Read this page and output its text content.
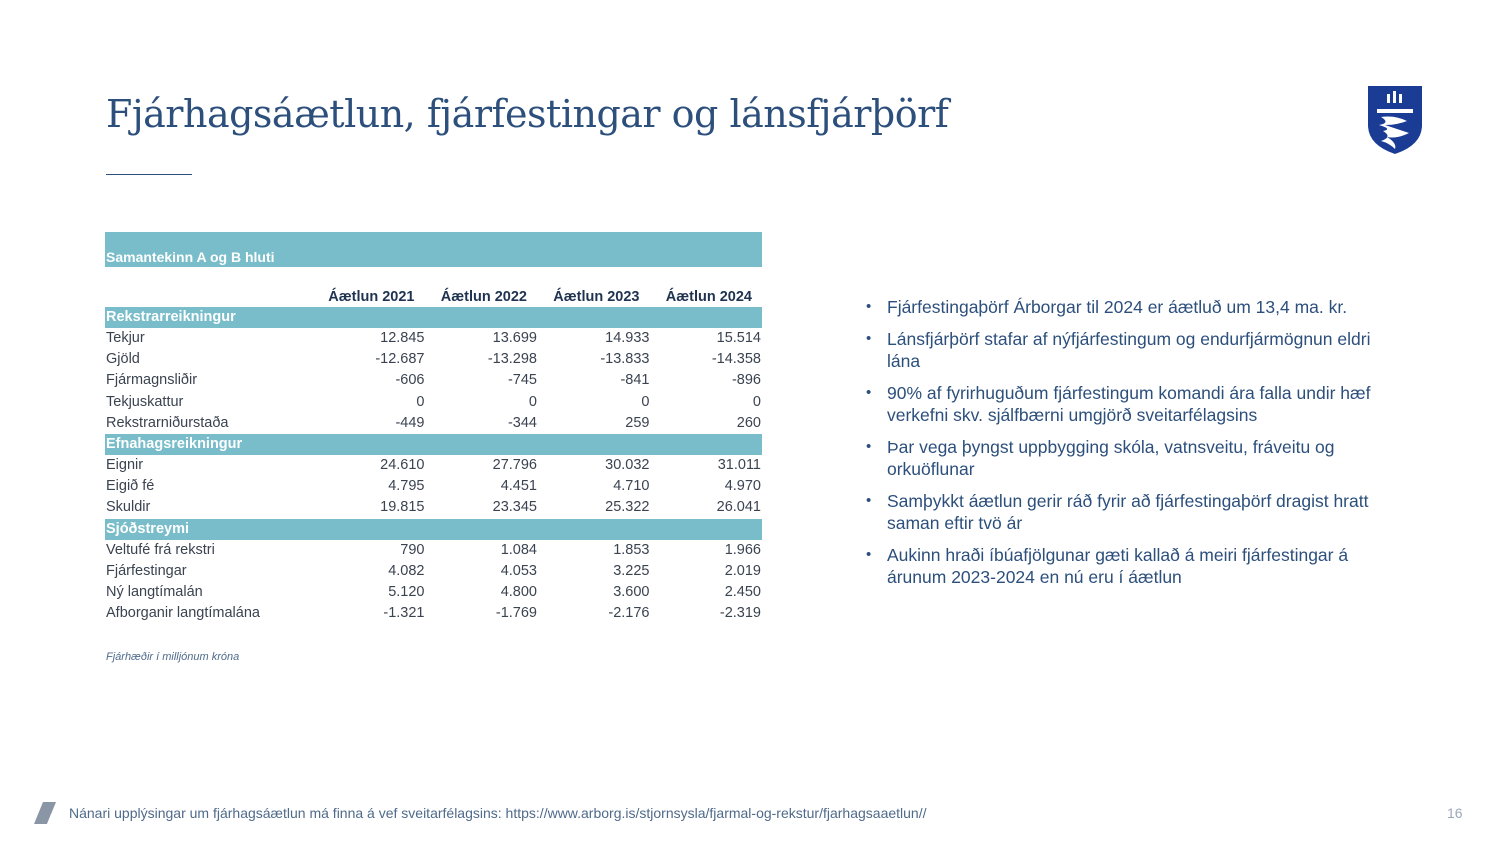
Fjárhagsáætlun, fjárfestingar og lánsfjárþörf
Samantekinn A og B hluti
Áætlun 2021	Áætlun 2022	Áætlun 2023	Áætlun 2024
Rekstrarreikningur
Tekjur	12.845	13.699	14.933	15.514
Gjöld	-12.687	-13.298	-13.833	-14.358
Fjármagnsliðir	-606	-745	-841	-896
Tekjuskattur	0	0	0	0
Rekstrarniðurstaða	-449	-344	259	260
Efnahagsreikningur
Eignir	24.610	27.796	30.032	31.011
Eigið fé	4.795	4.451	4.710	4.970
Skuldir	19.815	23.345	25.322	26.041
Sjóðstreymi
Veltufé frá rekstri	790	1.084	1.853	1.966
Fjárfestingar	4.082	4.053	3.225	2.019
Ný langtímalán	5.120	4.800	3.600	2.450
Afborganir langtímalána	-1.321	-1.769	-2.176	-2.319
Fjárhæðir í milljónum króna
• Fjárfestingaþörf Árborgar til 2024 er áætluð um 13,4 ma. kr.
• Lánsfjárþörf stafar af nýfjárfestingum og endurfjármögnun eldri lána
• 90% af fyrirhuguðum fjárfestingum komandi ára falla undir hæf verkefni skv. sjálfbærni umgjörð sveitarfélagsins
• Þar vega þyngst uppbygging skóla, vatnsveitu, fráveitu og orkuöflunar
• Samþykkt áætlun gerir ráð fyrir að fjárfestingaþörf dragist hratt saman eftir tvö ár
• Aukinn hraði íbúafjölgunar gæti kallað á meiri fjárfestingar á árunum 2023-2024 en nú eru í áætlun
Nánari upplýsingar um fjárhagsáætlun má finna á vef sveitarfélagsins: https://www.arborg.is/stjornsysla/fjarmal-og-rekstur/fjarhagsaaetlun//	16
